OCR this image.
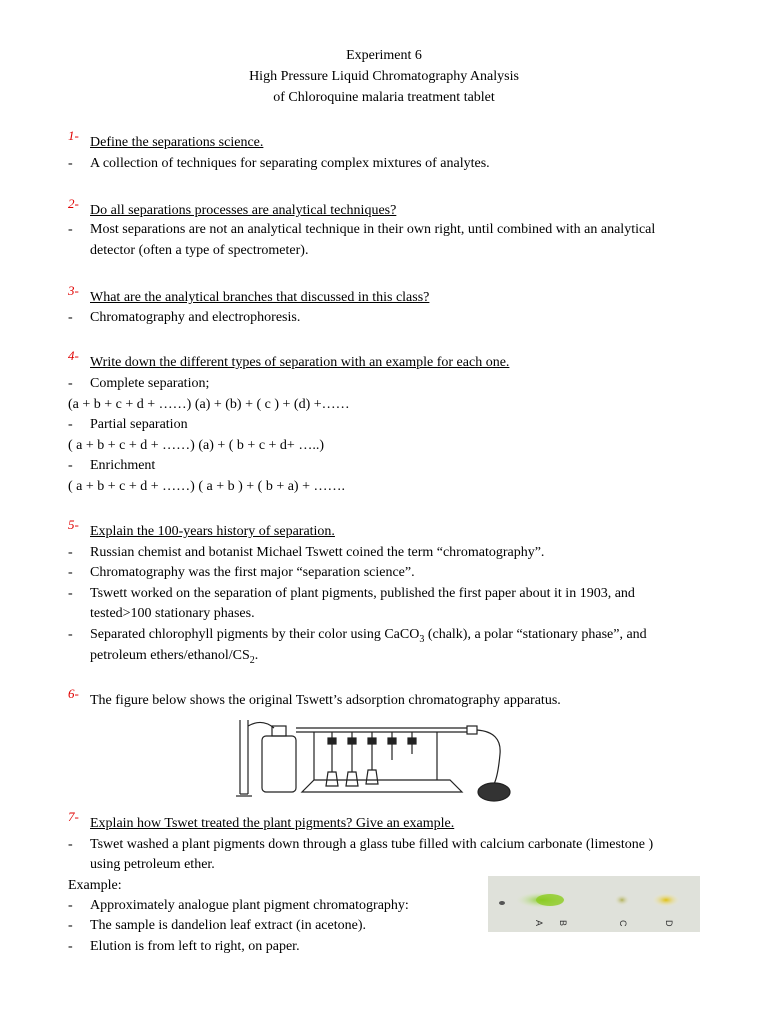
Experiment 6
High Pressure Liquid Chromatography Analysis
of Chloroquine malaria treatment tablet
1- Define the separations science.
- A collection of techniques for separating complex mixtures of analytes.
2- Do all separations processes are analytical techniques?
- Most separations are not an analytical technique in their own right, until combined with an analytical
detector (often a type of spectrometer).
3- What are the analytical branches that discussed in this class?
- Chromatography and electrophoresis.
4- Write down the different types of separation with an example for each one.
- Complete separation;
(a + b + c + d + ……) (a) + (b) + ( c ) + (d) +……
- Partial separation
( a + b + c + d + ……) (a) + ( b + c + d+ …..)
- Enrichment
( a + b + c + d + ……) ( a + b ) + ( b + a) + …….
5- Explain the 100-years history of separation.
- Russian chemist and botanist Michael Tswett coined the term “chromatography”.
- Chromatography was the first major “separation science”.
- Tswett worked on the separation of plant pigments, published the first paper about it in 1903, and
tested>100 stationary phases.
- Separated chlorophyll pigments by their color using CaCO$_3$ (chalk), a polar “stationary phase”, and
petroleum ethers/$ethanol/CS_2$.
6- The figure below shows the original Tswett’s adsorption chromatography apparatus.
7- Explain how Tswet treated the plant pigments? Give an example.
- Tswet washed a plant pigments down through a glass tube filled with calcium carbonate (limestone )
using petroleum ether.
Example:
- Approximately analogue plant pigment chromatography:
- The sample is dandelion leaf extract (in acetone).
- Elution is from left to right, on paper.
A B	C	D
